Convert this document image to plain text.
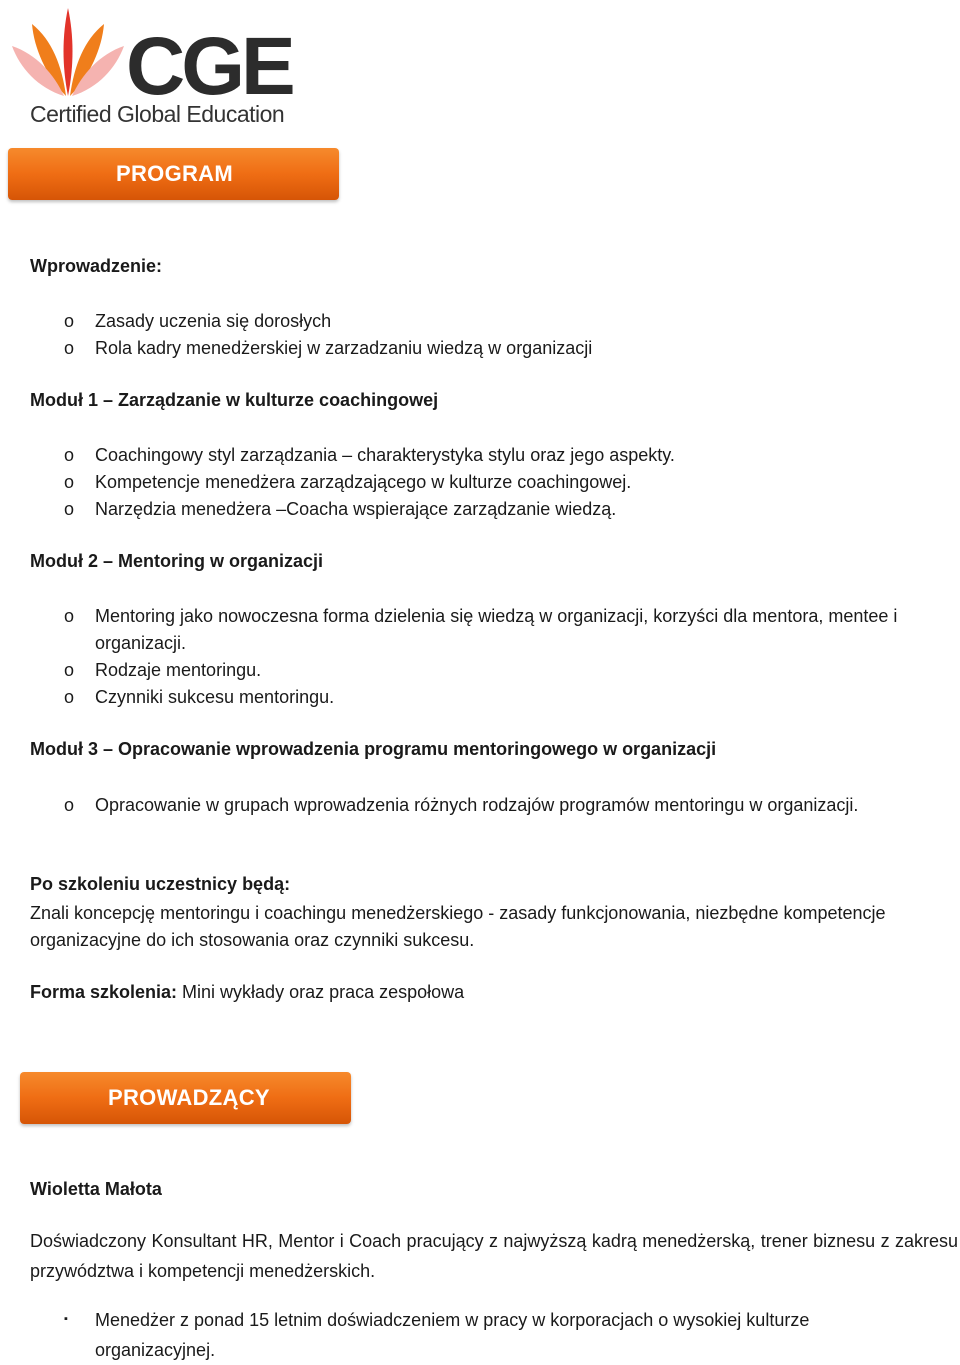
CGE
Certified Global Education
PROGRAM
Wprowadzenie:
o Zasady uczenia się dorosłych
o Rola kadry menedżerskiej w zarzadzaniu wiedzą w organizacji
Moduł 1 – Zarządzanie w kulturze coachingowej
o Coachingowy styl zarządzania – charakterystyka stylu oraz jego aspekty.
o Kompetencje menedżera zarządzającego w kulturze coachingowej.
o Narzędzia menedżera –Coacha wspierające zarządzanie wiedzą.
Moduł 2 – Mentoring w organizacji
o Mentoring jako nowoczesna forma dzielenia się wiedzą w organizacji, korzyści dla mentora, mentee i organizacji.
o Rodzaje mentoringu.
o Czynniki sukcesu mentoringu.
Moduł 3 – Opracowanie wprowadzenia programu mentoringowego w organizacji
o Opracowanie w grupach wprowadzenia różnych rodzajów programów mentoringu w organizacji.
Po szkoleniu uczestnicy będą:
Znali koncepcję mentoringu i coachingu menedżerskiego - zasady funkcjonowania, niezbędne kompetencje organizacyjne do ich stosowania oraz czynniki sukcesu.
Forma szkolenia: Mini wykłady oraz praca zespołowa
PROWADZĄCY
Wioletta Małota
Doświadczony Konsultant HR, Mentor i Coach pracujący z najwyższą kadrą menedżerską, trener biznesu z zakresu przywództwa i kompetencji menedżerskich.
▪	Menedżer z ponad 15 letnim doświadczeniem w pracy w korporacjach o wysokiej kulturze organizacyjnej.
